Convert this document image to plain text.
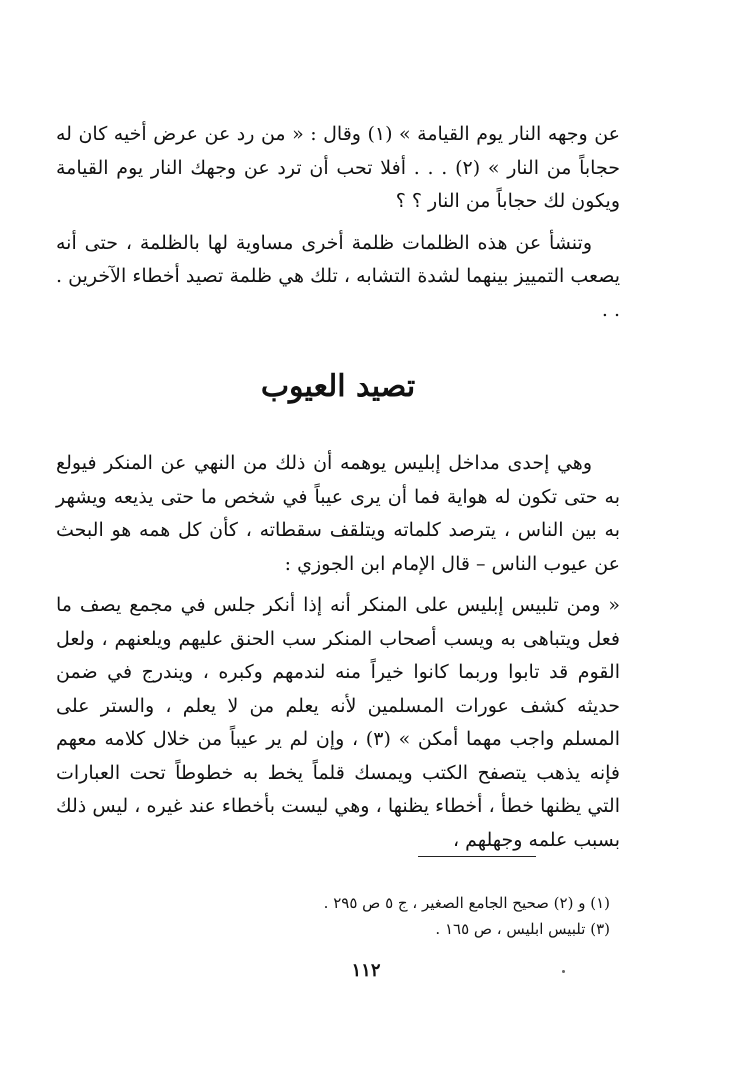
عن وجهه النار يوم القيامة » (١) وقال : « من رد عن عرض أخيه كان له حجاباً من النار » (٢) . . . أفلا تحب أن ترد عن وجهك النار يوم القيامة ويكون لك حجاباً من النار ؟ ؟

وتنشأ عن هذه الظلمات ظلمة أخرى مساوية لها بالظلمة ، حتى أنه يصعب التمييز بينهما لشدة التشابه ، تلك هي ظلمة تصيد أخطاء الآخرين . . .

تصيد العيوب

وهي إحدى مداخل إبليس يوهمه أن ذلك من النهي عن المنكر فيولع به حتى تكون له هواية فما أن يرى عيباً في شخص ما حتى يذيعه ويشهر به بين الناس ، يترصد كلماته ويتلقف سقطاته ، كأن كل همه هو البحث عن عيوب الناس – قال الإمام ابن الجوزي :

« ومن تلبيس إبليس على المنكر أنه إذا أنكر جلس في مجمع يصف ما فعل ويتباهى به ويسب أصحاب المنكر سب الحنق عليهم ويلعنهم ، ولعل القوم قد تابوا وربما كانوا خيراً منه لندمهم وكبره ، ويندرج في ضمن حديثه كشف عورات المسلمين لأنه يعلم من لا يعلم ، والستر على المسلم واجب مهما أمكن » (٣) ، وإن لم ير عيباً من خلال كلامه معهم فإنه يذهب يتصفح الكتب ويمسك قلماً يخط به خطوطاً تحت العبارات التي يظنها خطأ ، أخطاء يظنها ، وهي ليست بأخطاء عند غيره ، ليس ذلك بسبب علمه وجهلهم ،

(١) و (٢) صحيح الجامع الصغير ، ج ٥ ص ٢٩٥ .

(٣) تلبيس ابليس ، ص ١٦٥ .

١١٢
